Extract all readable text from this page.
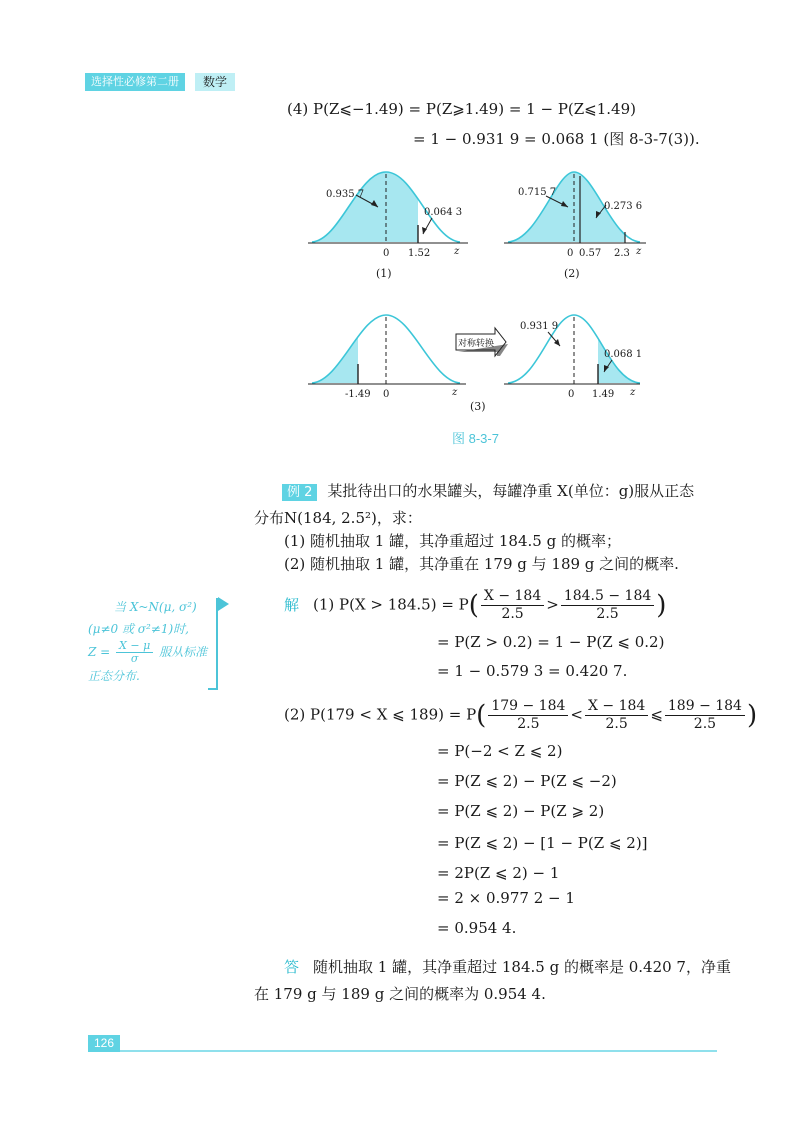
选择性必修第二册	数学
(4) P(Z⩽−1.49) = P(Z⩾1.49) = 1 − P(Z⩽1.49)
= 1 − 0.931 9 = 0.068 1 (图 8-3-7(3)).
0.935 7
0.064 3
0 1.52 z
(1)
0.715 7
0.273 6
0 0.57 2.3 z
(2)
-1.49 0	z
对称转换
0.931 9
0.068 1
0 1.49 z
(3)
图 8-3-7
例 2 某批待出口的水果罐头，每罐净重 X(单位：g)服从正态
分布N(184, 2.5²)，求：
(1) 随机抽取 1 罐，其净重超过 184.5 g 的概率；
(2) 随机抽取 1 罐，其净重在 179 g 与 189 g 之间的概率.
当 X~N(μ, σ²)
(μ≠0 或 σ²≠1)时,
$Z = \frac{X - \mu}{\sigma}$ 服从标准
正态分布.
解 (1) $P(X > 184.5) = P( \frac{X - 184}{2.5} > \frac{184.5 - 184}{2.5}$ )
= P(Z > 0.2) = 1 − P(Z ⩽ 0.2)
= 1 − 0.579 3 = 0.420 7.
(2) P(179 < X ⩽ $189) = P( \frac{179 - 184}{2.5} < \frac{X - 184}{2.5}$ ⩽ $\frac{189 - 184}{2.5}$ )
= P(−2 < Z ⩽ 2)
= P(Z ⩽ 2) − P(Z ⩽ −2)
= P(Z ⩽ 2) − P(Z ⩾ 2)
= P(Z ⩽ 2) − [1 − P(Z ⩽ 2)]
= 2P(Z ⩽ 2) − 1
= 2 × 0.977 2 − 1
= 0.954 4.
答 随机抽取 1 罐，其净重超过 184.5 g 的概率是 0.420 7，净重
在 179 g 与 189 g 之间的概率为 0.954 4.
126
